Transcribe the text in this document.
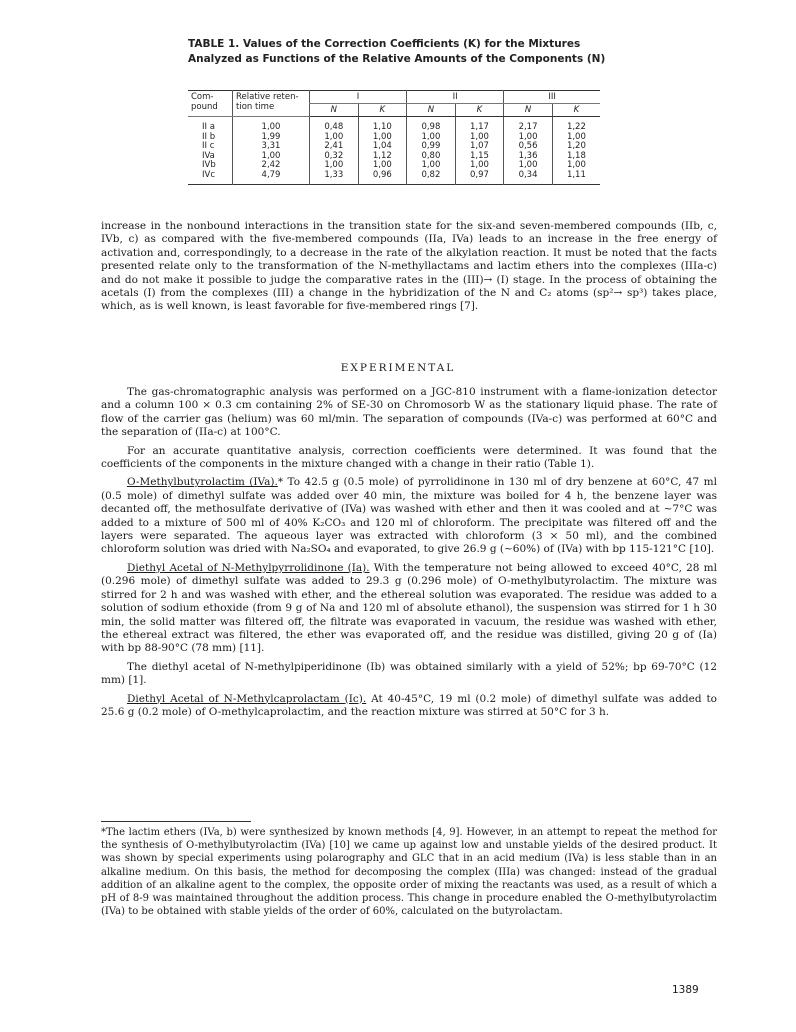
TABLE 1. Values of the Correction Coefficients (K) for the Mixtures Analyzed as Functions of the Relative Amounts of the Components (N)
Com- pound	Relative reten- tion time	I		II		III	
		N	K	N	K	N	K
II a	1,00	0,48	1,10	0,98	1,17	2,17	1,22
II b	1,99	1,00	1,00	1,00	1,00	1,00	1,00
II c	3,31	2,41	1,04	0,99	1,07	0,56	1,20
IVa	1,00	0,32	1,12	0,80	1,15	1,36	1,18
IVb	2,42	1,00	1,00	1,00	1,00	1,00	1,00
IVc	4,79	1,33	0,96	0,82	0,97	0,34	1,11

increase in the nonbound interactions in the transition state for the six-and seven-membered compounds (IIb, c, IVb, c) as compared with the five-membered compounds (IIa, IVa) leads to an increase in the free energy of activation and, correspondingly, to a decrease in the rate of the alkylation reaction. It must be noted that the facts presented relate only to the transformation of the N-methyllactams and lactim ethers into the complexes (IIIa-c) and do not make it possible to judge the comparative rates in the (III)→ (I) stage. In the process of obtaining the acetals (I) from the complexes (III) a change in the hybridization of the N and C₂ atoms (sp²→ sp³) takes place, which, as is well known, is least favorable for five-membered rings [7].

EXPERIMENTAL

The gas-chromatographic analysis was performed on a JGC-810 instrument with a flame-ionization detector and a column 100 × 0.3 cm containing 2% of SE-30 on Chromosorb W as the stationary liquid phase. The rate of flow of the carrier gas (helium) was 60 ml/min. The separation of compounds (IVa-c) was performed at 60°C and the separation of (IIa-c) at 100°C.

For an accurate quantitative analysis, correction coefficients were determined. It was found that the coefficients of the components in the mixture changed with a change in their ratio (Table 1).

O-Methylbutyrolactim (IVa).* To 42.5 g (0.5 mole) of pyrrolidinone in 130 ml of dry benzene at 60°C, 47 ml (0.5 mole) of dimethyl sulfate was added over 40 min, the mixture was boiled for 4 h, the benzene layer was decanted off, the methosulfate derivative of (IVa) was washed with ether and then it was cooled and at ~7°C was added to a mixture of 500 ml of 40% K₂CO₃ and 120 ml of chloroform. The precipitate was filtered off and the layers were separated. The aqueous layer was extracted with chloroform (3 × 50 ml), and the combined chloroform solution was dried with Na₂SO₄ and evaporated, to give 26.9 g (~60%) of (IVa) with bp 115-121°C [10].

Diethyl Acetal of N-Methylpyrrolidinone (Ia). With the temperature not being allowed to exceed 40°C, 28 ml (0.296 mole) of dimethyl sulfate was added to 29.3 g (0.296 mole) of O-methylbutyrolactim. The mixture was stirred for 2 h and was washed with ether, and the ethereal solution was evaporated. The residue was added to a solution of sodium ethoxide (from 9 g of Na and 120 ml of absolute ethanol), the suspension was stirred for 1 h 30 min, the solid matter was filtered off, the filtrate was evaporated in vacuum, the residue was washed with ether, the ethereal extract was filtered, the ether was evaporated off, and the residue was distilled, giving 20 g of (Ia) with bp 88-90°C (78 mm) [11].

The diethyl acetal of N-methylpiperidinone (Ib) was obtained similarly with a yield of 52%; bp 69-70°C (12 mm) [1].

Diethyl Acetal of N-Methylcaprolactam (Ic). At 40-45°C, 19 ml (0.2 mole) of dimethyl sulfate was added to 25.6 g (0.2 mole) of O-methylcaprolactim, and the reaction mixture was stirred at 50°C for 3 h.

*The lactim ethers (IVa, b) were synthesized by known methods [4, 9]. However, in an attempt to repeat the method for the synthesis of O-methylbutyrolactim (IVa) [10] we came up against low and unstable yields of the desired product. It was shown by special experiments using polarography and GLC that in an acid medium (IVa) is less stable than in an alkaline medium. On this basis, the method for decomposing the complex (IIIa) was changed: instead of the gradual addition of an alkaline agent to the complex, the opposite order of mixing the reactants was used, as a result of which a pH of 8-9 was maintained throughout the addition process. This change in procedure enabled the O-methylbutyrolactim (IVa) to be obtained with stable yields of the order of 60%, calculated on the butyrolactam.
1389
